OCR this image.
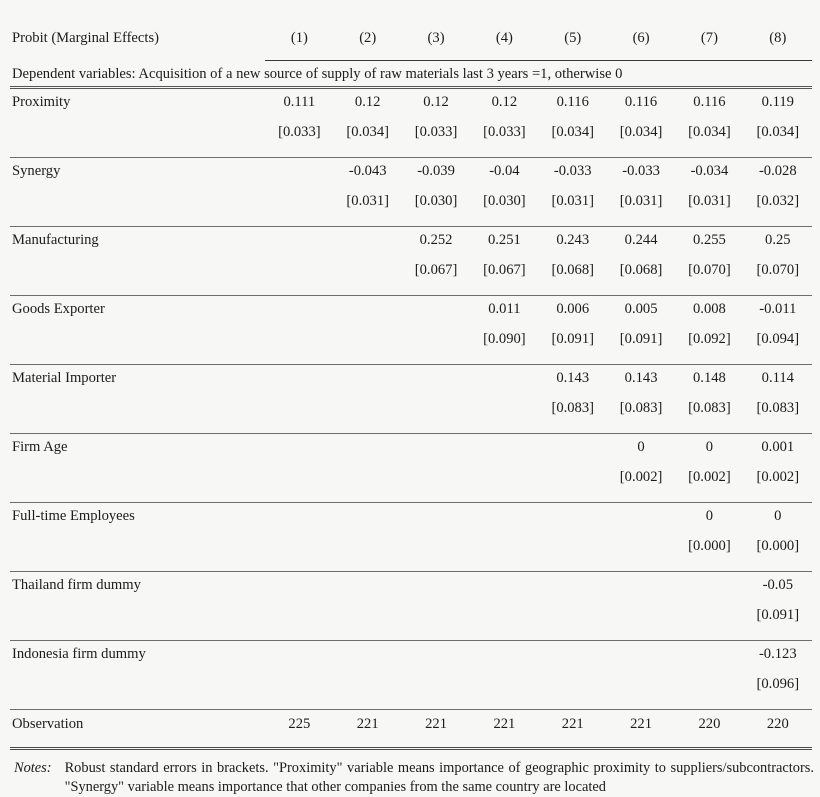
Probit (Marginal Effects)	(1)	(2)	(3)	(4)	(5)	(6)	(7)	(8)
Dependent variables: Acquisition of a new source of supply of raw materials last 3 years =1, otherwise 0								
Proximity	0.111	0.12	0.12	0.12	0.116	0.116	0.116	0.119
	[0.033]	[0.034]	[0.033]	[0.033]	[0.034]	[0.034]	[0.034]	[0.034]
Synergy		-0.043	-0.039	-0.04	-0.033	-0.033	-0.034	-0.028
		[0.031]	[0.030]	[0.030]	[0.031]	[0.031]	[0.031]	[0.032]
Manufacturing			0.252	0.251	0.243	0.244	0.255	0.25
			[0.067]	[0.067]	[0.068]	[0.068]	[0.070]	[0.070]
Goods Exporter				0.011	0.006	0.005	0.008	-0.011
				[0.090]	[0.091]	[0.091]	[0.092]	[0.094]
Material Importer					0.143	0.143	0.148	0.114
					[0.083]	[0.083]	[0.083]	[0.083]
Firm Age						0	0	0.001
						[0.002]	[0.002]	[0.002]
Full-time Employees							0	0
							[0.000]	[0.000]
Thailand firm dummy								-0.05
								[0.091]
Indonesia firm dummy								-0.123
								[0.096]
Observation	225	221	221	221	221	221	220	220
Notes: Robust standard errors in brackets. "Proximity" variable means importance of geographic proximity to suppliers/subcontractors. "Synergy" variable means importance that other companies from the same country are located
